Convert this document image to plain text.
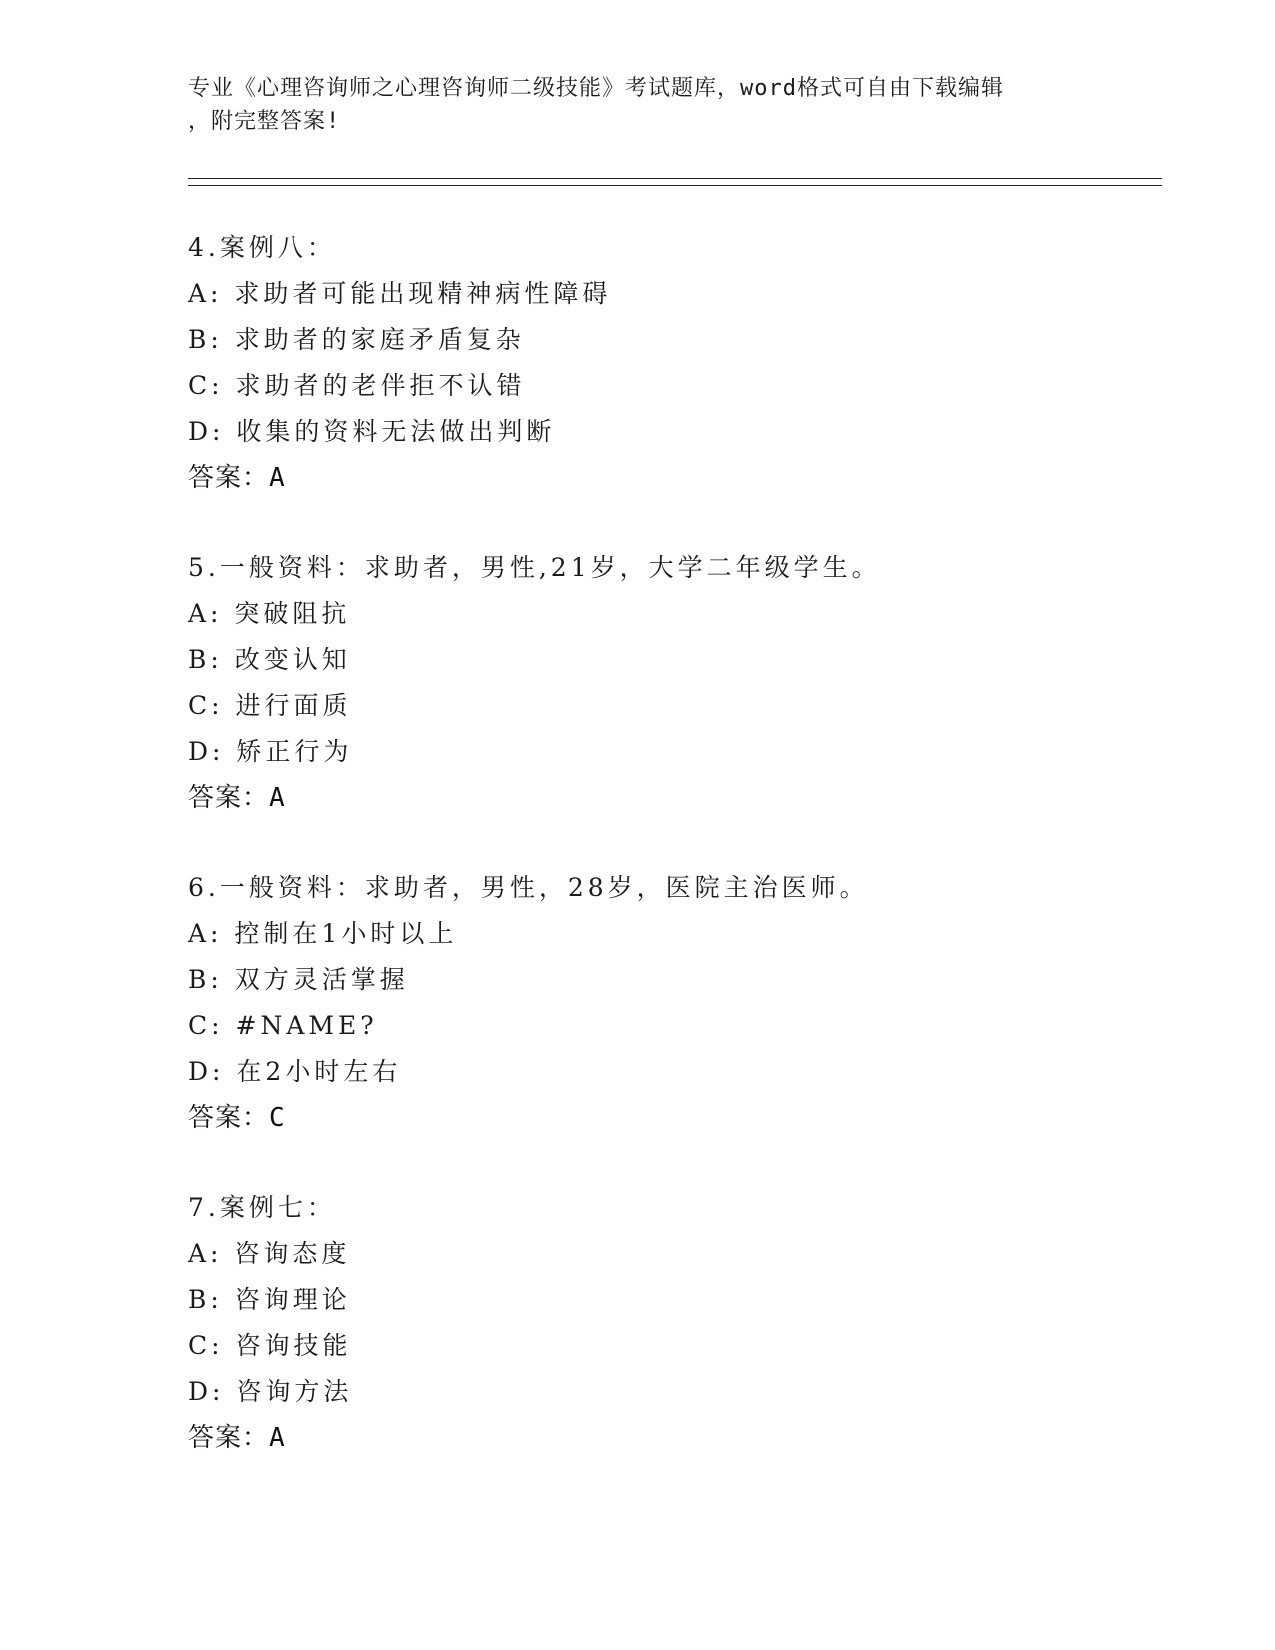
专业《心理咨询师之心理咨询师二级技能》考试题库，word格式可自由下载编辑
，附完整答案!
4.案例八：
A: 求助者可能出现精神病性障碍
B: 求助者的家庭矛盾复杂
C: 求助者的老伴拒不认错
D: 收集的资料无法做出判断
答案：A
5.一般资料：求助者，男性,21岁，大学二年级学生。
A: 突破阻抗
B: 改变认知
C: 进行面质
D: 矫正行为
答案：A
6.一般资料：求助者，男性，28岁，医院主治医师。
A: 控制在1小时以上
B: 双方灵活掌握
C: #NAME?
D: 在2小时左右
答案：C
7.案例七：
A: 咨询态度
B: 咨询理论
C: 咨询技能
D: 咨询方法
答案：A
